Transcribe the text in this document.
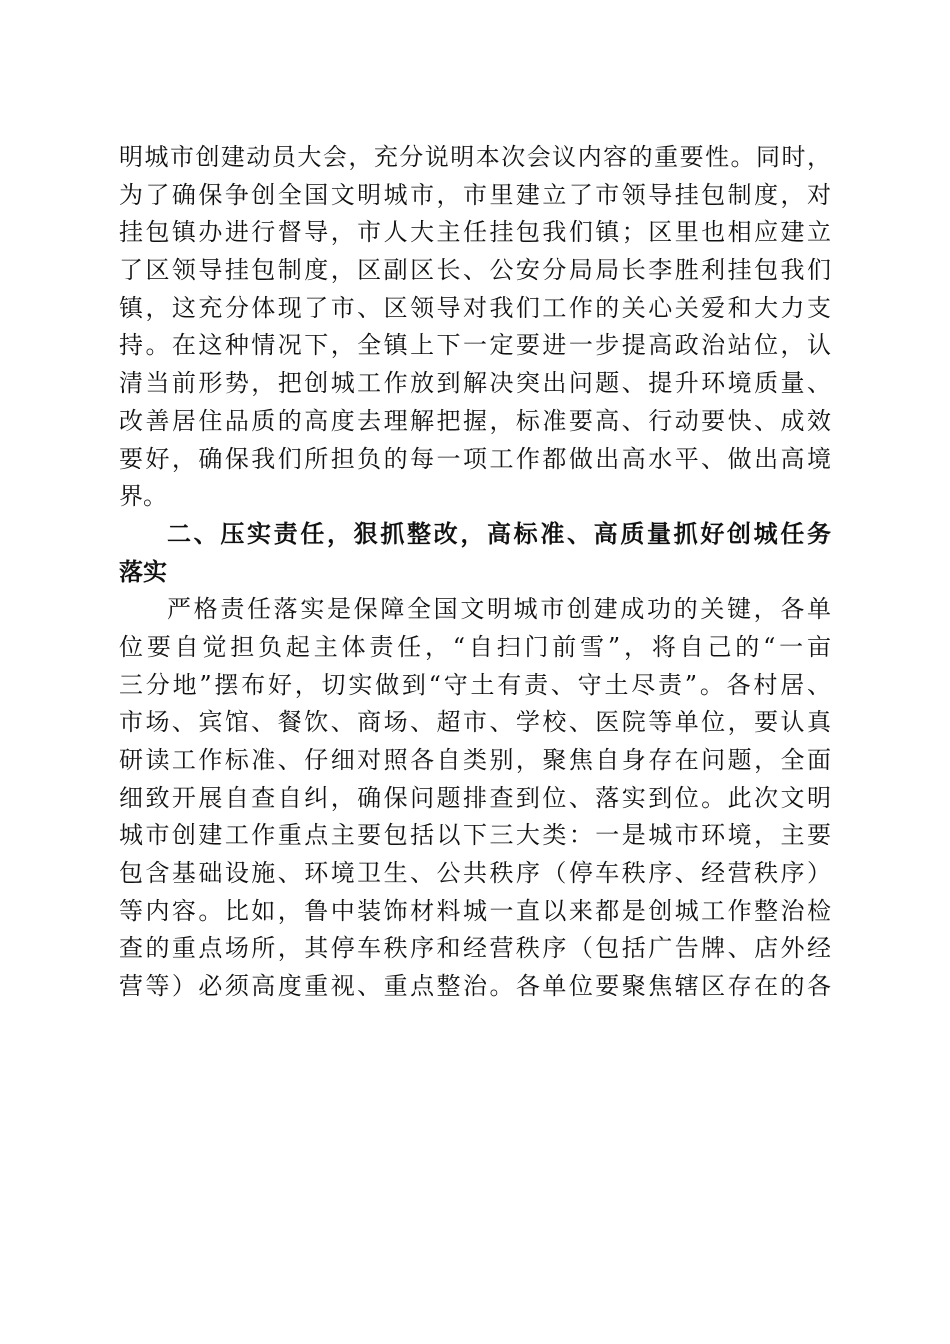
明城市创建动员大会，充分说明本次会议内容的重要性。同时，
为了确保争创全国文明城市，市里建立了市领导挂包制度，对
挂包镇办进行督导，市人大主任挂包我们镇；区里也相应建立
了区领导挂包制度，区副区长、公安分局局长李胜利挂包我们
镇，这充分体现了市、区领导对我们工作的关心关爱和大力支
持。在这种情况下，全镇上下一定要进一步提高政治站位，认
清当前形势，把创城工作放到解决突出问题、提升环境质量、
改善居住品质的高度去理解把握，标准要高、行动要快、成效
要好，确保我们所担负的每一项工作都做出高水平、做出高境
界。
二、压实责任，狠抓整改，高标准、高质量抓好创城任务
落实
严格责任落实是保障全国文明城市创建成功的关键，各单
位要自觉担负起主体责任，“自扫门前雪”，将自己的“一亩
三分地”摆布好，切实做到“守土有责、守土尽责”。各村居、
市场、宾馆、餐饮、商场、超市、学校、医院等单位，要认真
研读工作标准、仔细对照各自类别，聚焦自身存在问题，全面
细致开展自查自纠，确保问题排查到位、落实到位。此次文明
城市创建工作重点主要包括以下三大类：一是城市环境，主要
包含基础设施、环境卫生、公共秩序（停车秩序、经营秩序）
等内容。比如，鲁中装饰材料城一直以来都是创城工作整治检
查的重点场所，其停车秩序和经营秩序（包括广告牌、店外经
营等）必须高度重视、重点整治。各单位要聚焦辖区存在的各
